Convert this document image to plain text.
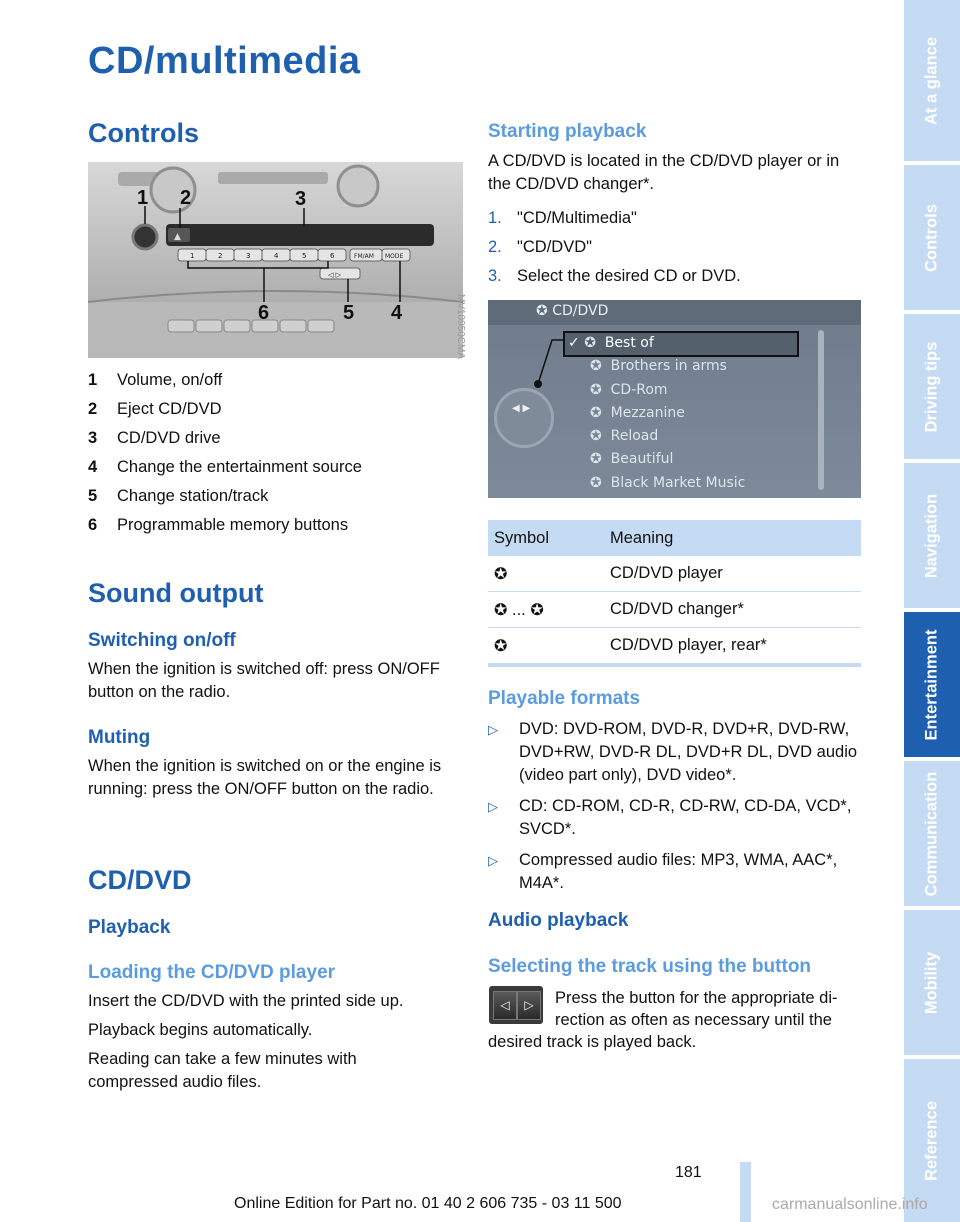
CD/multimedia
Controls
▲
1	2	3	4	5	6	FM/AM MODE
◁ ▷
1 2	3
4
5
6	MV10950CMA
1 Volume, on/off
2 Eject CD/DVD
3 CD/DVD drive
4 Change the entertainment source
5 Change station/track
6 Programmable memory buttons
Sound output
Switching on/off
When the ignition is switched off: press ON/OFF button on the radio.
Muting
When the ignition is switched on or the engine is running: press the ON/OFF button on the radio.
CD/DVD
Playback
Loading the CD/DVD player
Insert the CD/DVD with the printed side up.
Playback begins automatically.
Reading can take a few minutes with compressed audio files.
Starting playback
A CD/DVD is located in the CD/DVD player or in the CD/DVD changer*.
1. "CD/Multimedia"
2. "CD/DVD"
3. Select the desired CD or DVD.
✪ CD/DVD
◀ ▶
✓ ✪ Best of
✪ Brothers in arms
✪ CD-Rom
✪ Mezzanine
✪ Reload
✪ Beautiful
✪ Black Market Music
Symbol	Meaning
✪	CD/DVD player
✪ ... ✪	CD/DVD changer*
✪	CD/DVD player, rear*
Playable formats
▷ DVD: DVD-ROM, DVD-R, DVD+R, DVD-RW, DVD+RW, DVD-R DL, DVD+R DL, DVD audio (video part only), DVD video*.
▷ CD: CD-ROM, CD-R, CD-RW, CD-DA, VCD*, SVCD*.
▷ Compressed audio files: MP3, WMA, AAC*, M4A*.
Audio playback
Selecting the track using the button
◁	▷	Press the button for the appropriate di-
rection as often as necessary until the
desired track is played back.
At a glance
Controls
Driving tips
Navigation
Entertainment
Communication
Mobility
Reference
181
Online Edition for Part no. 01 40 2 606 735 - 03 11 500	carmanualsonline.info
